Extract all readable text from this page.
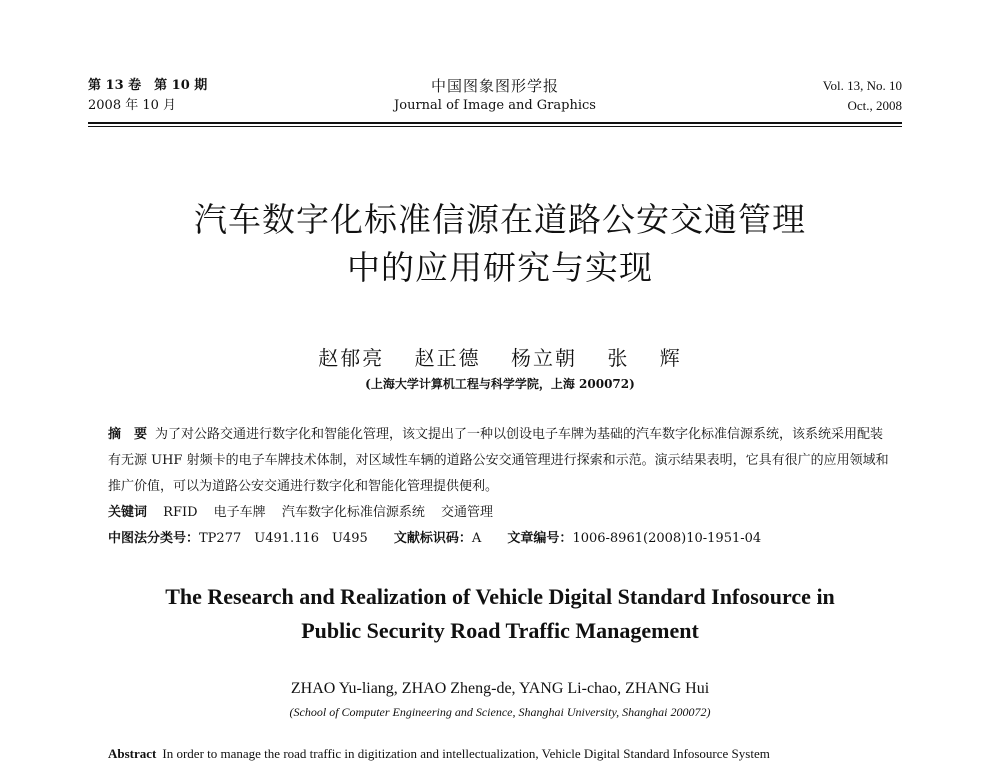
第 13 卷　第 10 期
2008 年 10 月
中国图象图形学报
Journal of Image and Graphics
Vol. 13, No. 10
Oct., 2008
汽车数字化标准信源在道路公安交通管理
中的应用研究与实现
赵郁亮 赵正德 杨立朝 张 辉
(上海大学计算机工程与科学学院，上海 200072)
摘　要 为了对公路交通进行数字化和智能化管理，该文提出了一种以创设电子车牌为基础的汽车数字化标准信源系统，该系统采用配装有无源 UHF 射频卡的电子车牌技术体制，对区域性车辆的道路公安交通管理进行探索和示范。演示结果表明，它具有很广的应用领域和推广价值，可以为道路公安交通进行数字化和智能化管理提供便利。
关键词 RFID 电子车牌 汽车数字化标准信源系统 交通管理
中图法分类号：TP277　U491.116　U495 文献标识码：A 文章编号：1006-8961(2008)10-1951-04
The Research and Realization of Vehicle Digital Standard Infosource in
Public Security Road Traffic Management
ZHAO Yu-liang, ZHAO Zheng-de, YANG Li-chao, ZHANG Hui
(School of Computer Engineering and Science, Shanghai University, Shanghai 200072)
Abstract In order to manage the road traffic in digitization and intellectualization, Vehicle Digital Standard Infosource System
